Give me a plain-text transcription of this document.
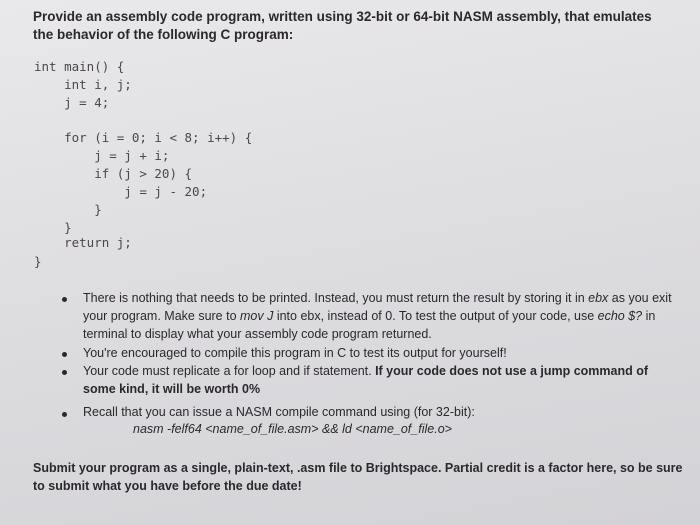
Provide an assembly code program, written using 32-bit or 64-bit NASM assembly, that emulates the behavior of the following C program:
int main() {
int i, j;
j = 4;
for (i = 0; i < 8; i++) {
j = j + i;
if (j > 20) {
j = j - 20;
}
}
return j;
}
There is nothing that needs to be printed. Instead, you must return the result by storing it in ebx as you exit your program. Make sure to mov J into ebx, instead of 0. To test the output of your code, use echo $? in terminal to display what your assembly code program returned.
You're encouraged to compile this program in C to test its output for yourself!
Your code must replicate a for loop and if statement. If your code does not use a jump command of some kind, it will be worth 0%
Recall that you can issue a NASM compile command using (for 32-bit):
nasm -felf64 <name_of_file.asm> && ld <name_of_file.o>
Submit your program as a single, plain-text, .asm file to Brightspace. Partial credit is a factor here, so be sure to submit what you have before the due date!
